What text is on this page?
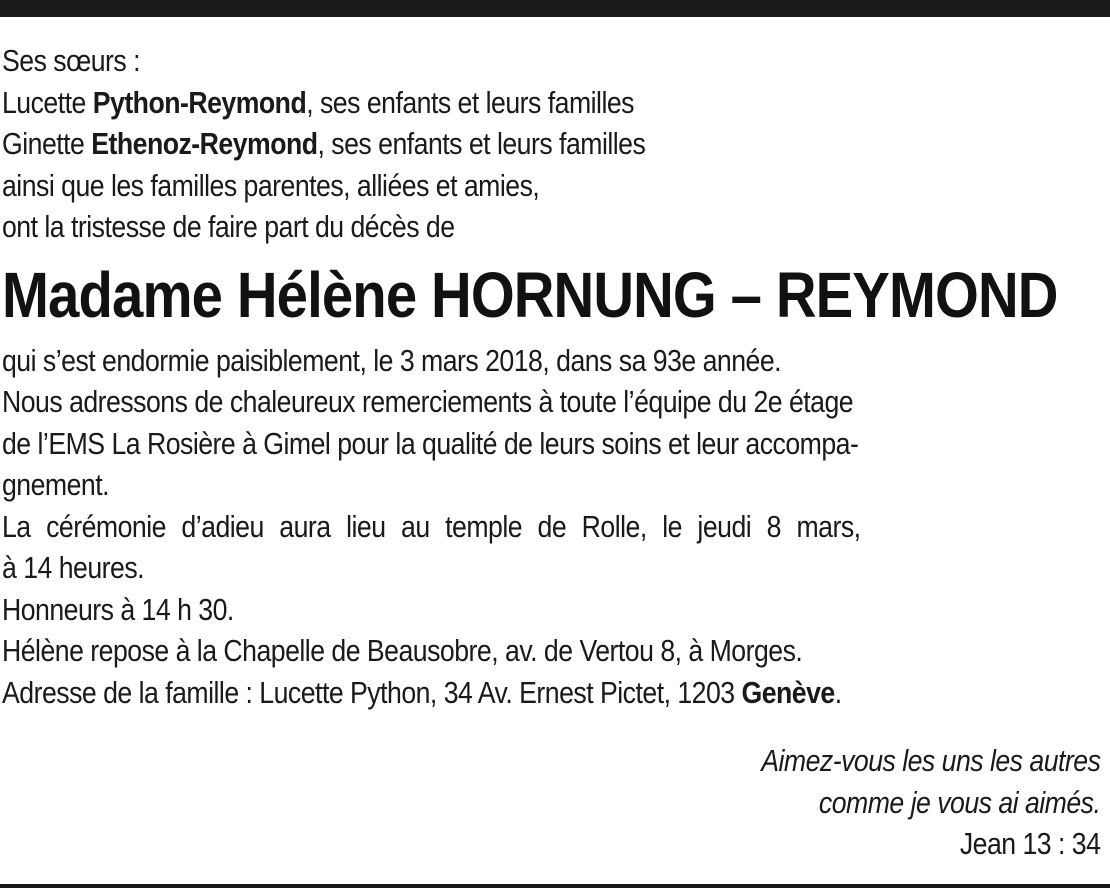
Ses sœurs :
Lucette Python-Reymond, ses enfants et leurs familles
Ginette Ethenoz-Reymond, ses enfants et leurs familles
ainsi que les familles parentes, alliées et amies,
ont la tristesse de faire part du décès de
Madame Hélène HORNUNG – REYMOND
qui s’est endormie paisiblement, le 3 mars 2018, dans sa 93e année.
Nous adressons de chaleureux remerciements à toute l’équipe du 2e étage
de l’EMS La Rosière à Gimel pour la qualité de leurs soins et leur accompa-
gnement.
La cérémonie d’adieu aura lieu au temple de Rolle, le jeudi 8 mars,
à 14 heures.
Honneurs à 14 h 30.
Hélène repose à la Chapelle de Beausobre, av. de Vertou 8, à Morges.
Adresse de la famille : Lucette Python, 34 Av. Ernest Pictet, 1203 Genève.
Aimez-vous les uns les autres
comme je vous ai aimés.
Jean 13 : 34
